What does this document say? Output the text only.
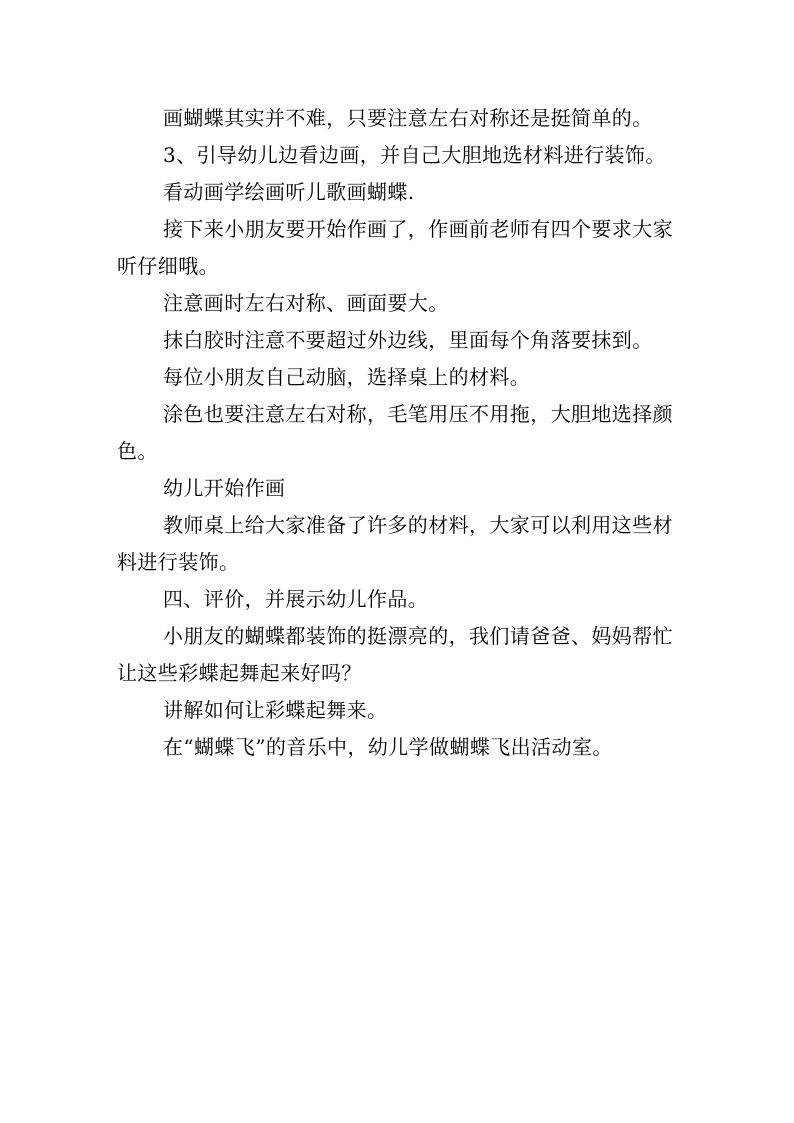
画蝴蝶其实并不难，只要注意左右对称还是挺简单的。

3、引导幼儿边看边画，并自己大胆地选材料进行装饰。

看动画学绘画听儿歌画蝴蝶.

接下来小朋友要开始作画了，作画前老师有四个要求大家听仔细哦。

注意画时左右对称、画面要大。

抹白胶时注意不要超过外边线，里面每个角落要抹到。

每位小朋友自己动脑，选择桌上的材料。

涂色也要注意左右对称，毛笔用压不用拖，大胆地选择颜色。

幼儿开始作画

教师桌上给大家准备了许多的材料，大家可以利用这些材料进行装饰。

四、评价，并展示幼儿作品。

小朋友的蝴蝶都装饰的挺漂亮的，我们请爸爸、妈妈帮忙让这些彩蝶起舞起来好吗？

讲解如何让彩蝶起舞来。

在“蝴蝶飞”的音乐中，幼儿学做蝴蝶飞出活动室。
